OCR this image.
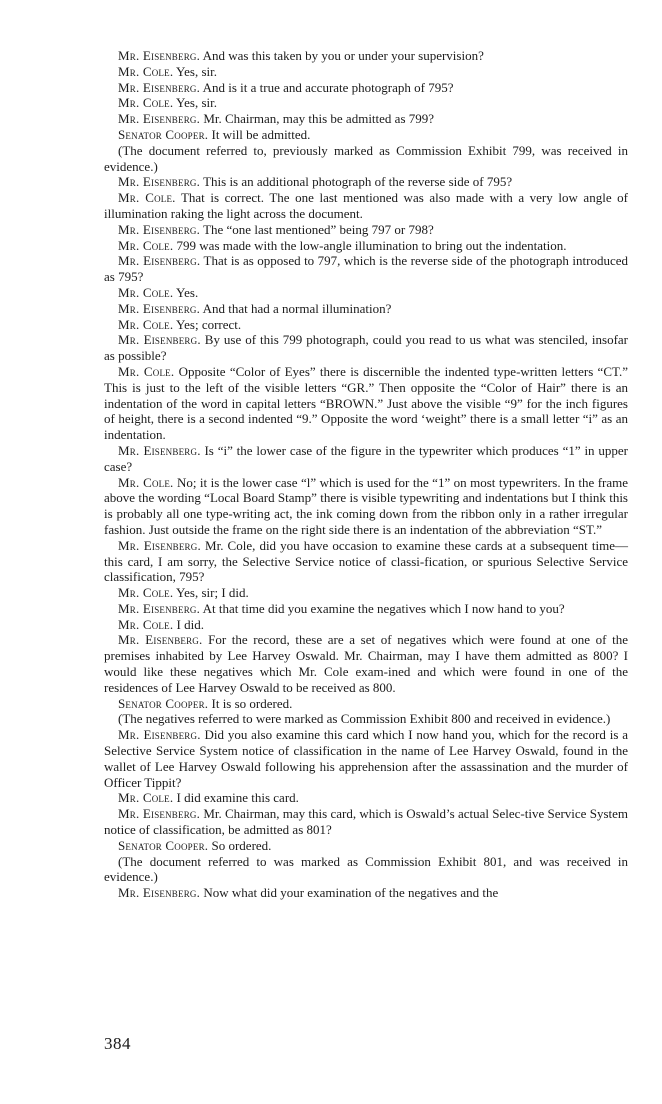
Mr. Eisenberg. And was this taken by you or under your supervision?

Mr. Cole. Yes, sir.

Mr. Eisenberg. And is it a true and accurate photograph of 795?

Mr. Cole. Yes, sir.

Mr. Eisenberg. Mr. Chairman, may this be admitted as 799?

Senator Cooper. It will be admitted.

(The document referred to, previously marked as Commission Exhibit 799, was received in evidence.)

Mr. Eisenberg. This is an additional photograph of the reverse side of 795?

Mr. Cole. That is correct. The one last mentioned was also made with a very low angle of illumination raking the light across the document.

Mr. Eisenberg. The “one last mentioned” being 797 or 798?

Mr. Cole. 799 was made with the low-angle illumination to bring out the indentation.

Mr. Eisenberg. That is as opposed to 797, which is the reverse side of the photograph introduced as 795?

Mr. Cole. Yes.

Mr. Eisenberg. And that had a normal illumination?

Mr. Cole. Yes; correct.

Mr. Eisenberg. By use of this 799 photograph, could you read to us what was stenciled, insofar as possible?

Mr. Cole. Opposite “Color of Eyes” there is discernible the indented type-written letters “CT.” This is just to the left of the visible letters “GR.” Then opposite the “Color of Hair” there is an indentation of the word in capital letters “BROWN.” Just above the visible “9” for the inch figures of height, there is a second indented “9.” Opposite the word ‘weight” there is a small letter “i” as an indentation.

Mr. Eisenberg. Is “i” the lower case of the figure in the typewriter which produces “1” in upper case?

Mr. Cole. No; it is the lower case “l” which is used for the “1” on most typewriters. In the frame above the wording “Local Board Stamp” there is visible typewriting and indentations but I think this is probably all one type-writing act, the ink coming down from the ribbon only in a rather irregular fashion. Just outside the frame on the right side there is an indentation of the abbreviation “ST.”

Mr. Eisenberg. Mr. Cole, did you have occasion to examine these cards at a subsequent time—this card, I am sorry, the Selective Service notice of classi-fication, or spurious Selective Service classification, 795?

Mr. Cole. Yes, sir; I did.

Mr. Eisenberg. At that time did you examine the negatives which I now hand to you?

Mr. Cole. I did.

Mr. Eisenberg. For the record, these are a set of negatives which were found at one of the premises inhabited by Lee Harvey Oswald. Mr. Chairman, may I have them admitted as 800? I would like these negatives which Mr. Cole exam-ined and which were found in one of the residences of Lee Harvey Oswald to be received as 800.

Senator Cooper. It is so ordered.

(The negatives referred to were marked as Commission Exhibit 800 and received in evidence.)

Mr. Eisenberg. Did you also examine this card which I now hand you, which for the record is a Selective Service System notice of classification in the name of Lee Harvey Oswald, found in the wallet of Lee Harvey Oswald following his apprehension after the assassination and the murder of Officer Tippit?

Mr. Cole. I did examine this card.

Mr. Eisenberg. Mr. Chairman, may this card, which is Oswald’s actual Selec-tive Service System notice of classification, be admitted as 801?

Senator Cooper. So ordered.

(The document referred to was marked as Commission Exhibit 801, and was received in evidence.)

Mr. Eisenberg. Now what did your examination of the negatives and the

384
